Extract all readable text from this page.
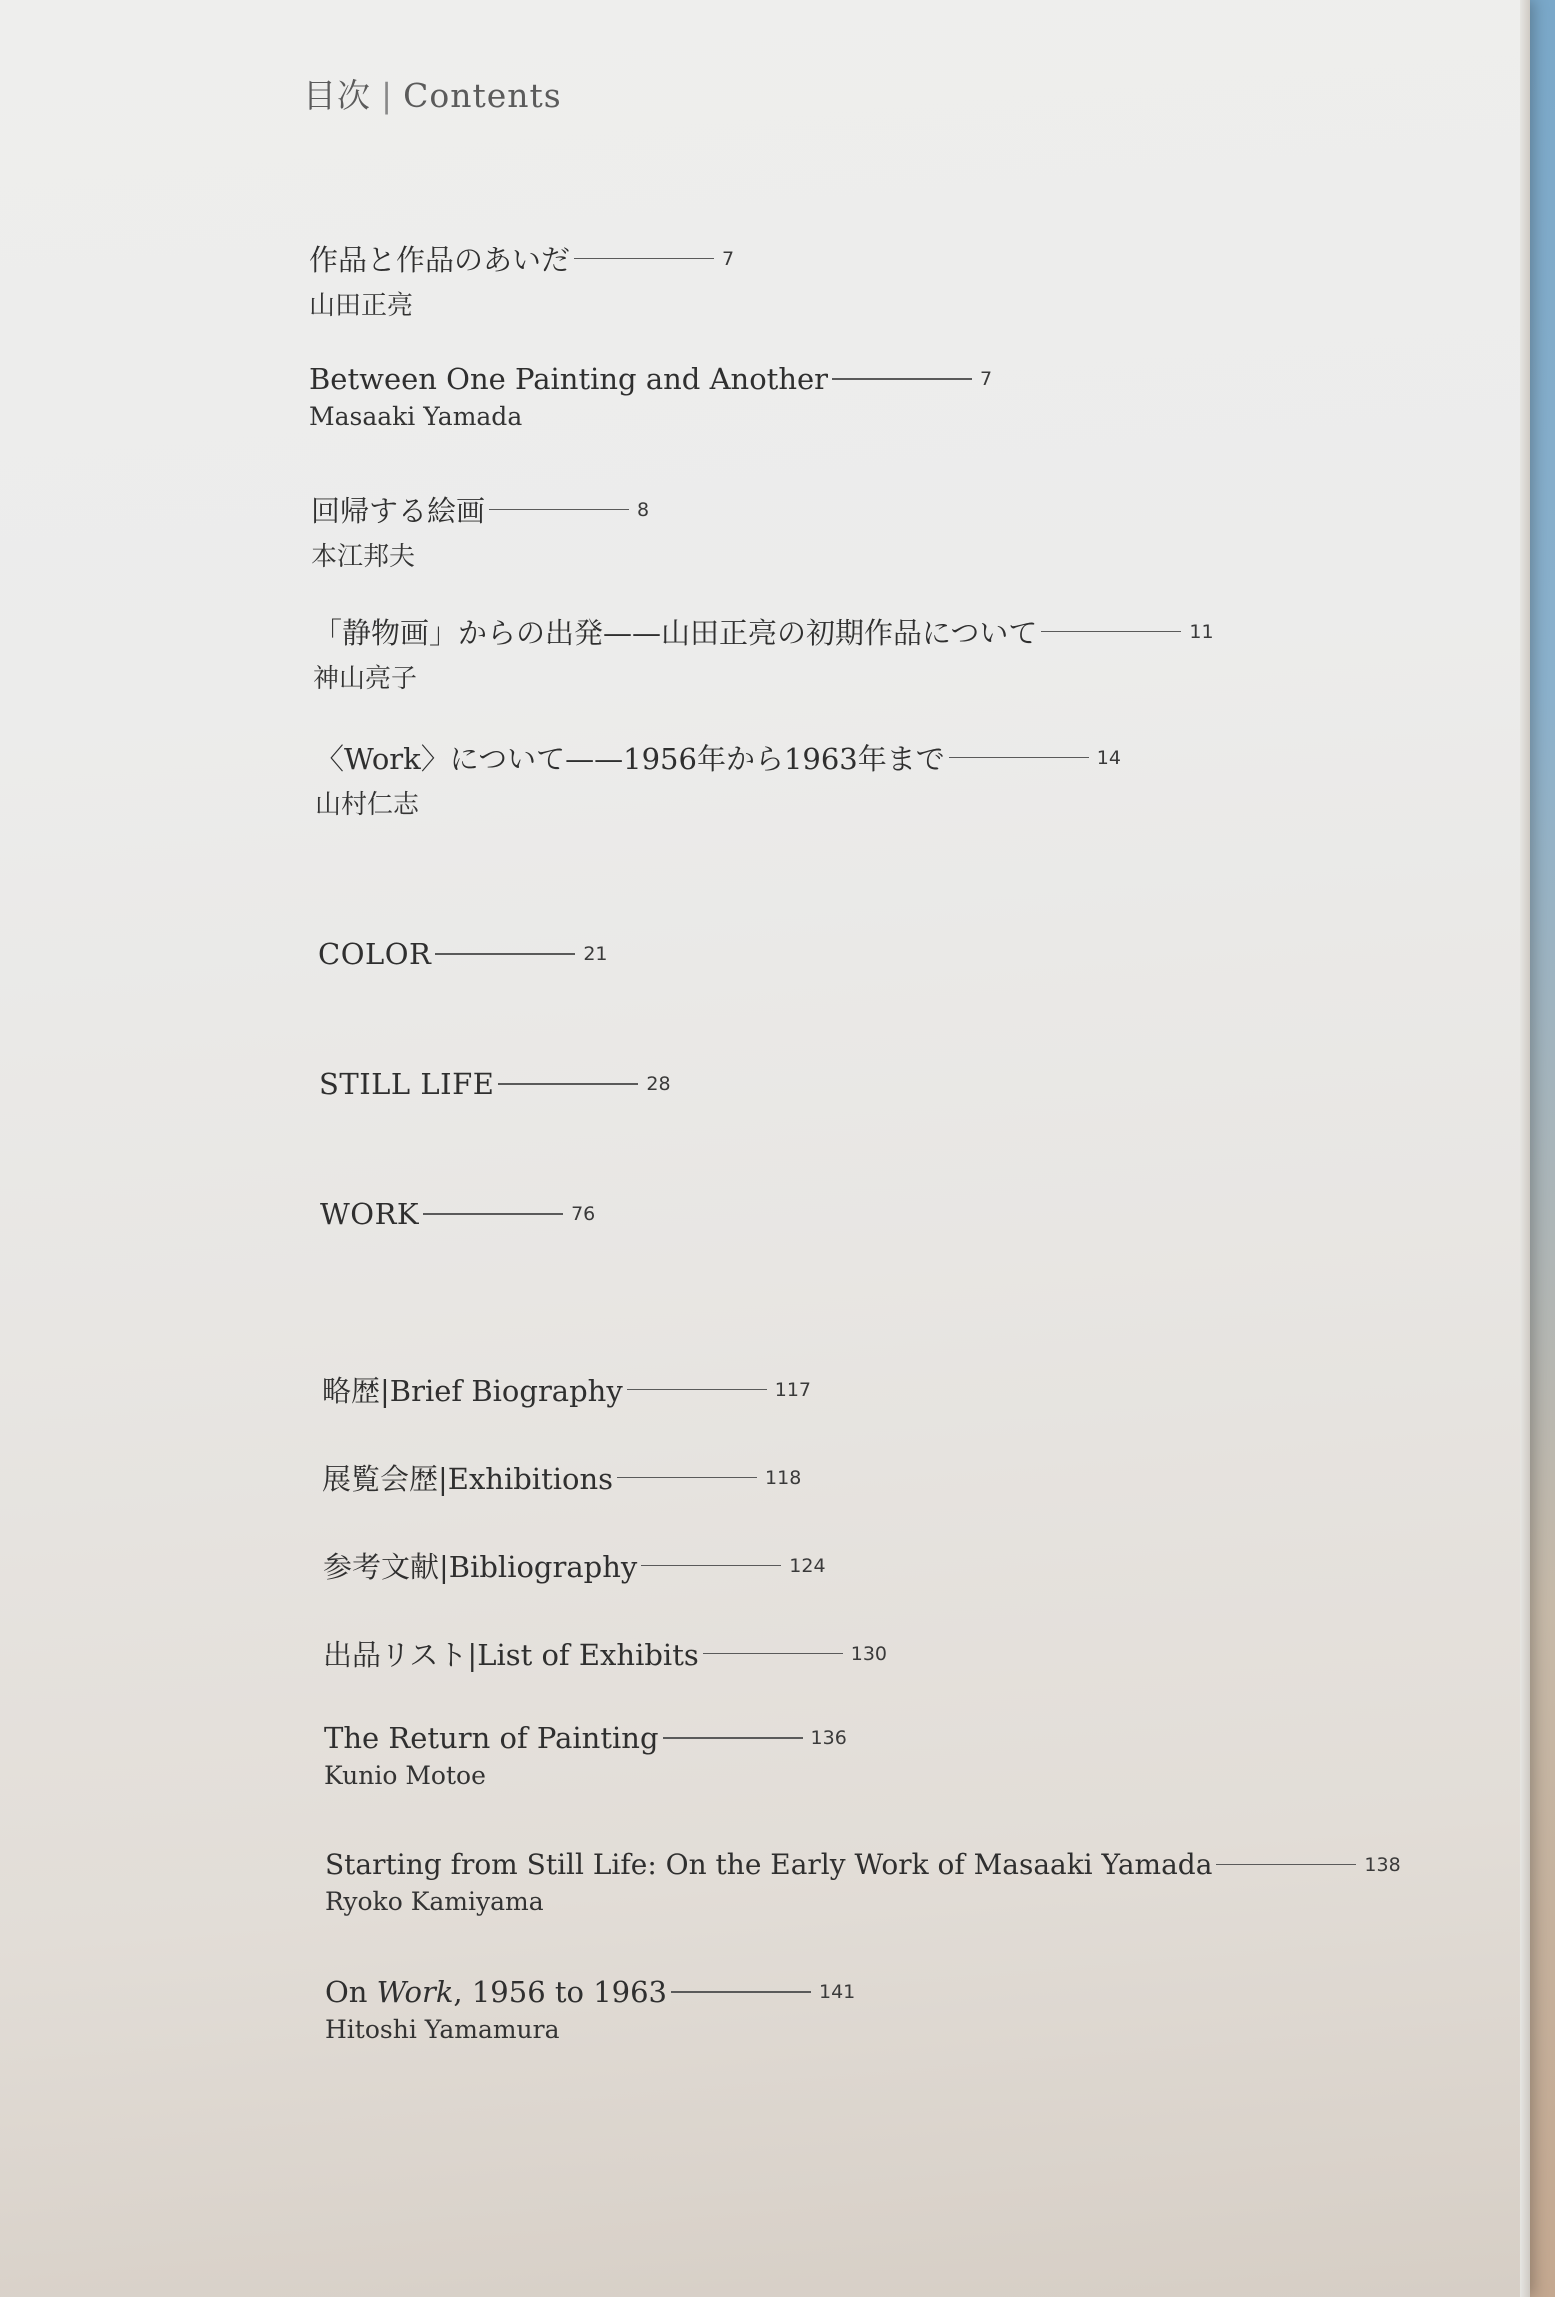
目次 | Contents
作品と作品のあいだ	7
山田正亮
Between One Painting and Another	7
Masaaki Yamada
回帰する絵画	8
本江邦夫
「静物画」からの出発——山田正亮の初期作品について	11
神山亮子
〈Work〉について——1956年から1963年まで	14
山村仁志
COLOR	21
STILL LIFE	28
WORK	76
略歴|Brief Biography	117
展覧会歴|Exhibitions	118
参考文献|Bibliography	124
出品リスト|List of Exhibits	130
The Return of Painting	136
Kunio Motoe
Starting from Still Life: On the Early Work of Masaaki Yamada	138
Ryoko Kamiyama
On Work, 1956 to 1963	141
Hitoshi Yamamura
